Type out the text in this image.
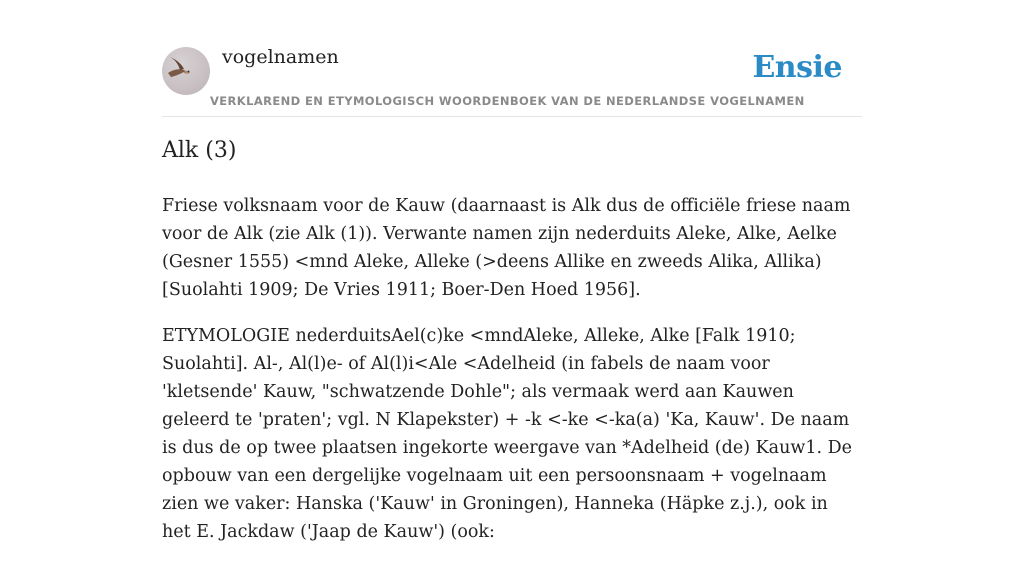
vogelnamen
VERKLAREND EN ETYMOLOGISCH WOORDENBOEK VAN DE NEDERLANDSE VOGELNAMEN
Ensie
Alk (3)

Friese volksnaam voor de Kauw (daarnaast is Alk dus de officiële friese naam voor de Alk (zie Alk (1)). Verwante namen zijn nederduits Aleke, Alke, Aelke (Gesner 1555) <mnd Aleke, Alleke (>deens Allike en zweeds Alika, Allika) [Suolahti 1909; De Vries 1911; Boer-Den Hoed 1956].

ETYMOLOGIE nederduitsAel(c)ke <mndAleke, Alleke, Alke [Falk 1910; Suolahti]. Al-, Al(l)e- of Al(l)i<Ale <Adelheid (in fabels de naam voor 'kletsende' Kauw, "schwatzende Dohle"; als vermaak werd aan Kauwen geleerd te 'praten'; vgl. N Klapekster) + -k <-ke <-ka(a) 'Ka, Kauw'. De naam is dus de op twee plaatsen ingekorte weergave van *Adelheid (de) Kauw1. De opbouw van een dergelijke vogelnaam uit een persoonsnaam + vogelnaam zien we vaker: Hanska ('Kauw' in Groningen), Hanneka (Häpke z.j.), ook in het E. Jackdaw ('Jaap de Kauw') (ook:
